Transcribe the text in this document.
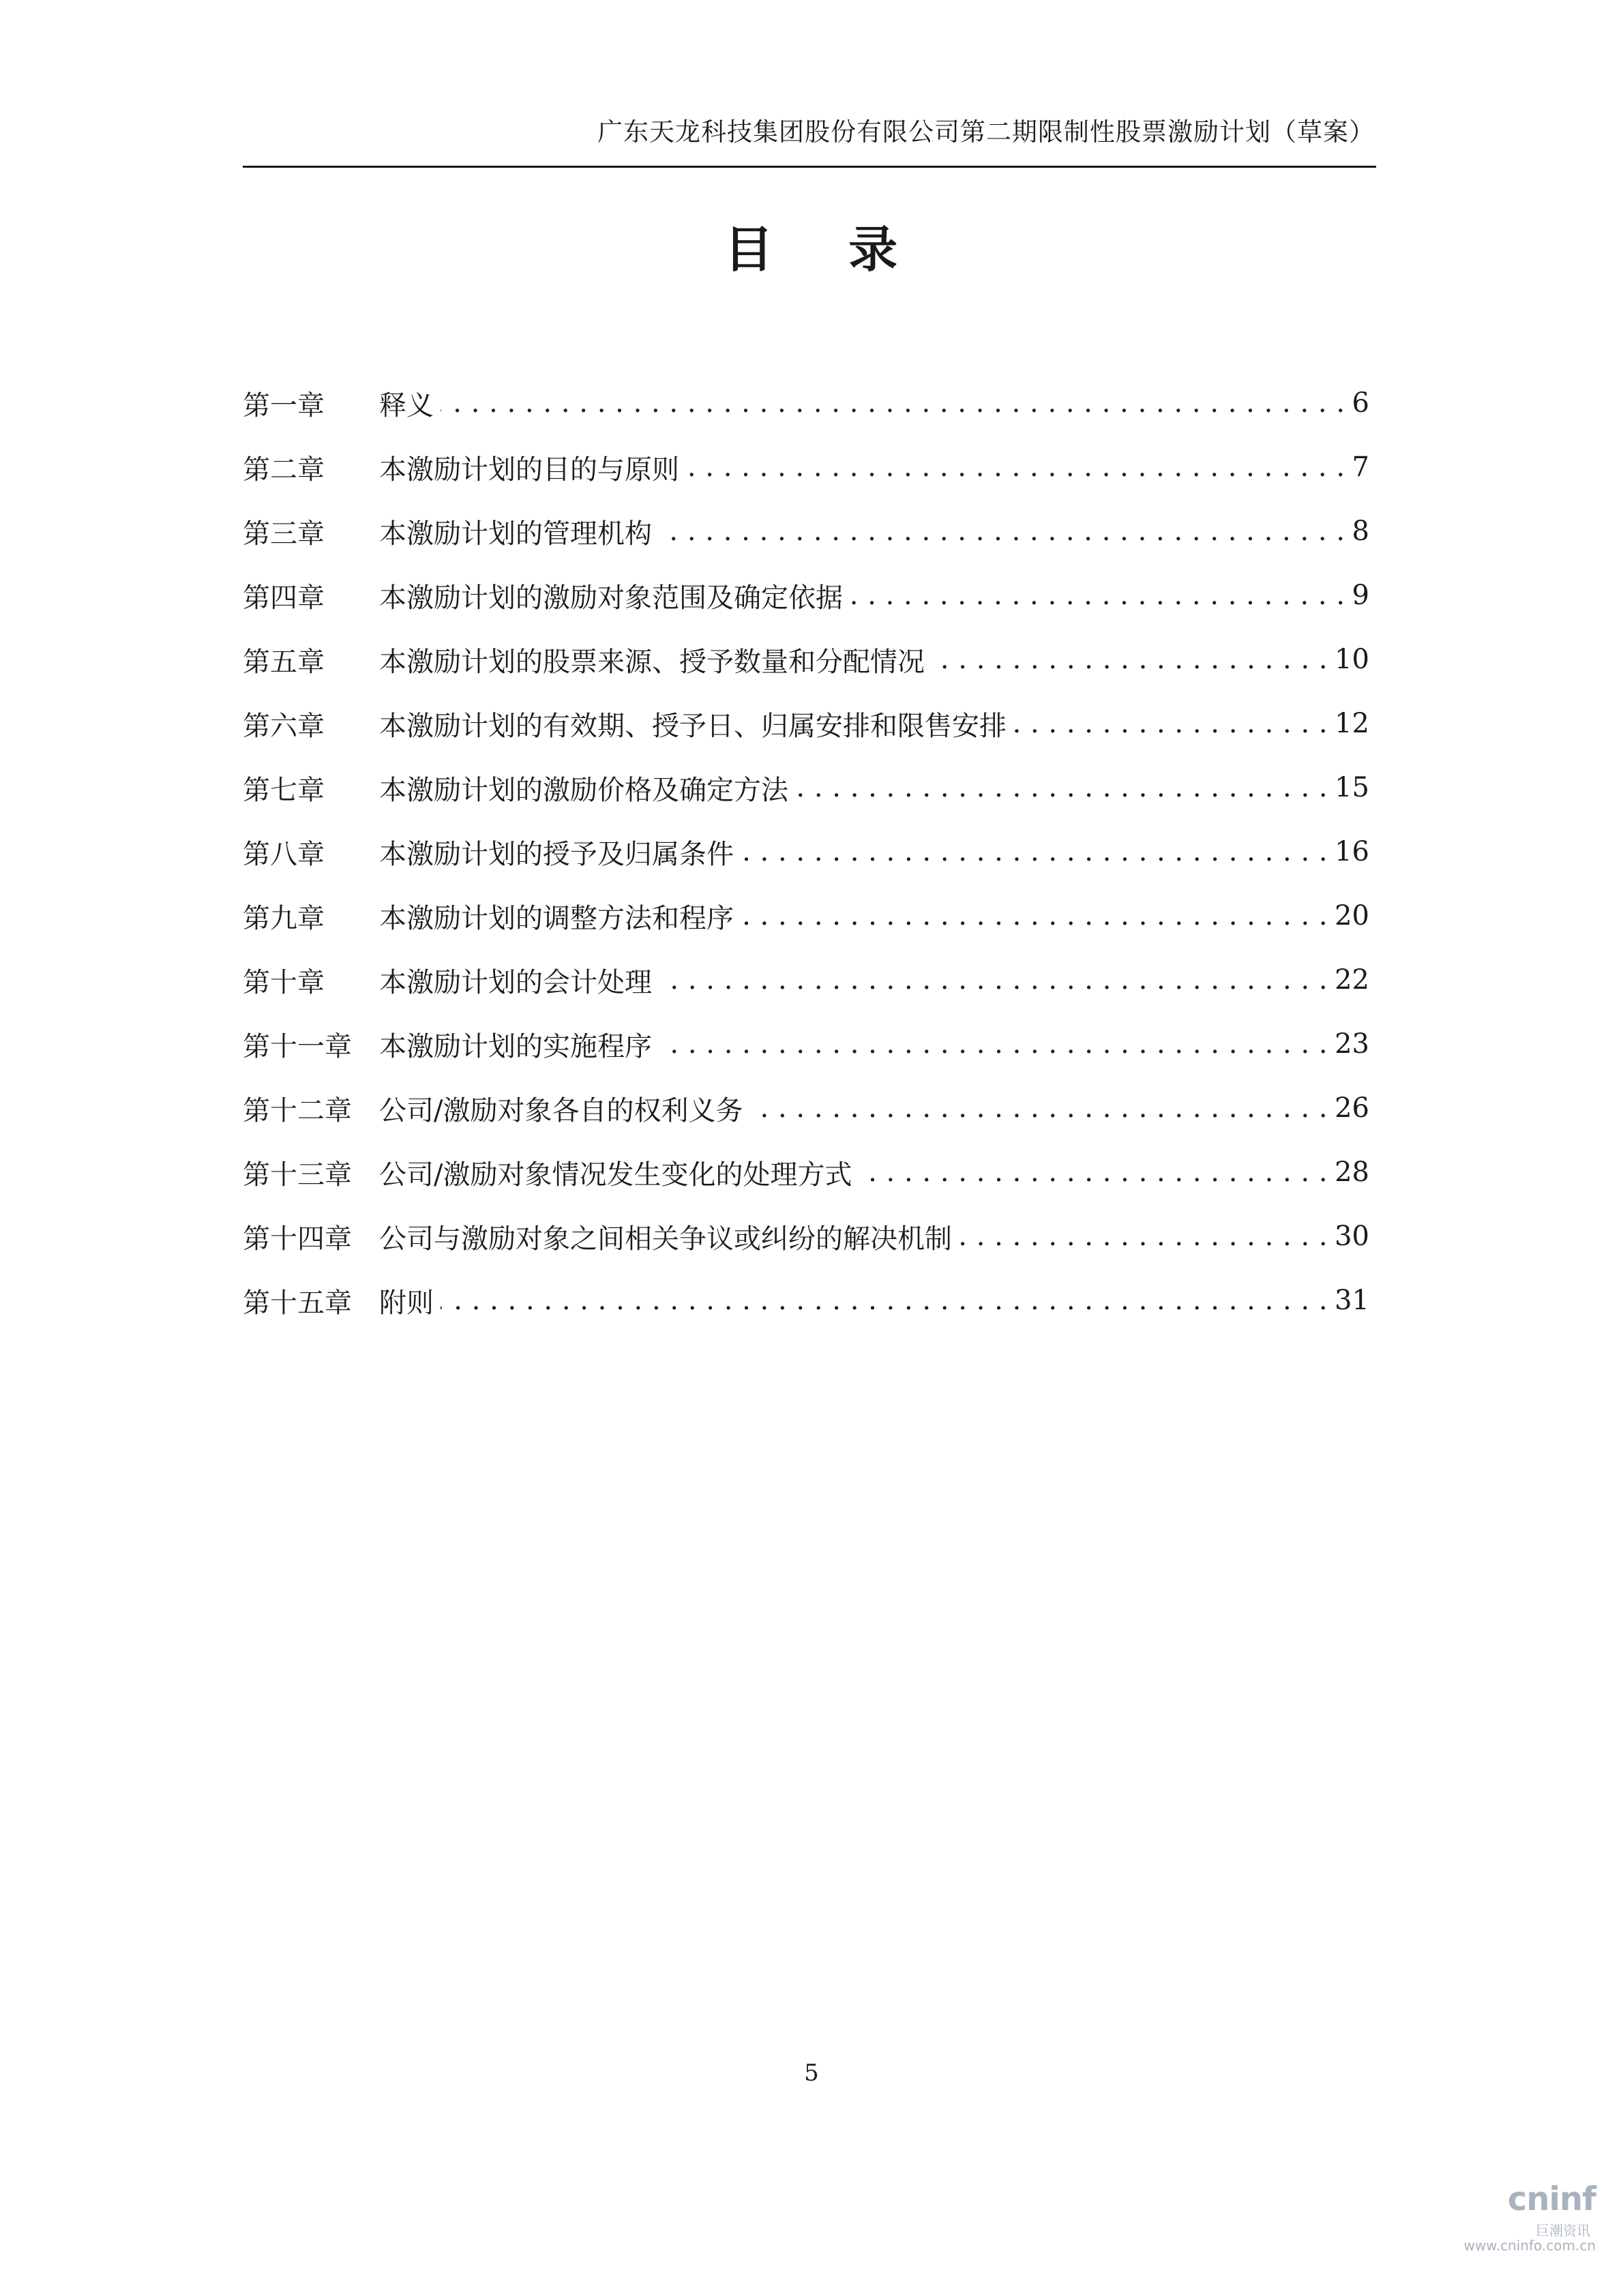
广东天龙科技集团股份有限公司第二期限制性股票激励计划（草案）
目    录
第一章	释义 . . .	6
第二章	本激励计划的目的与原则 . . .	7
第三章	本激励计划的管理机构 . . .	8
第四章	本激励计划的激励对象范围及确定依据 . . .	9
第五章	本激励计划的股票来源、授予数量和分配情况 . . .	10
第六章	本激励计划的有效期、授予日、归属安排和限售安排 . . .	12
第七章	本激励计划的激励价格及确定方法 . . .	15
第八章	本激励计划的授予及归属条件 . . .	16
第九章	本激励计划的调整方法和程序 . . .	20
第十章	本激励计划的会计处理 . . .	22
第十一章	本激励计划的实施程序 . . .	23
第十二章	公司/激励对象各自的权利义务 . . .	26
第十三章	公司/激励对象情况发生变化的处理方式 . . .	28
第十四章	公司与激励对象之间相关争议或纠纷的解决机制 . . .	30
第十五章	附则 . . .	31
5
cninf
巨潮资讯
www.cninfo.com.cn
